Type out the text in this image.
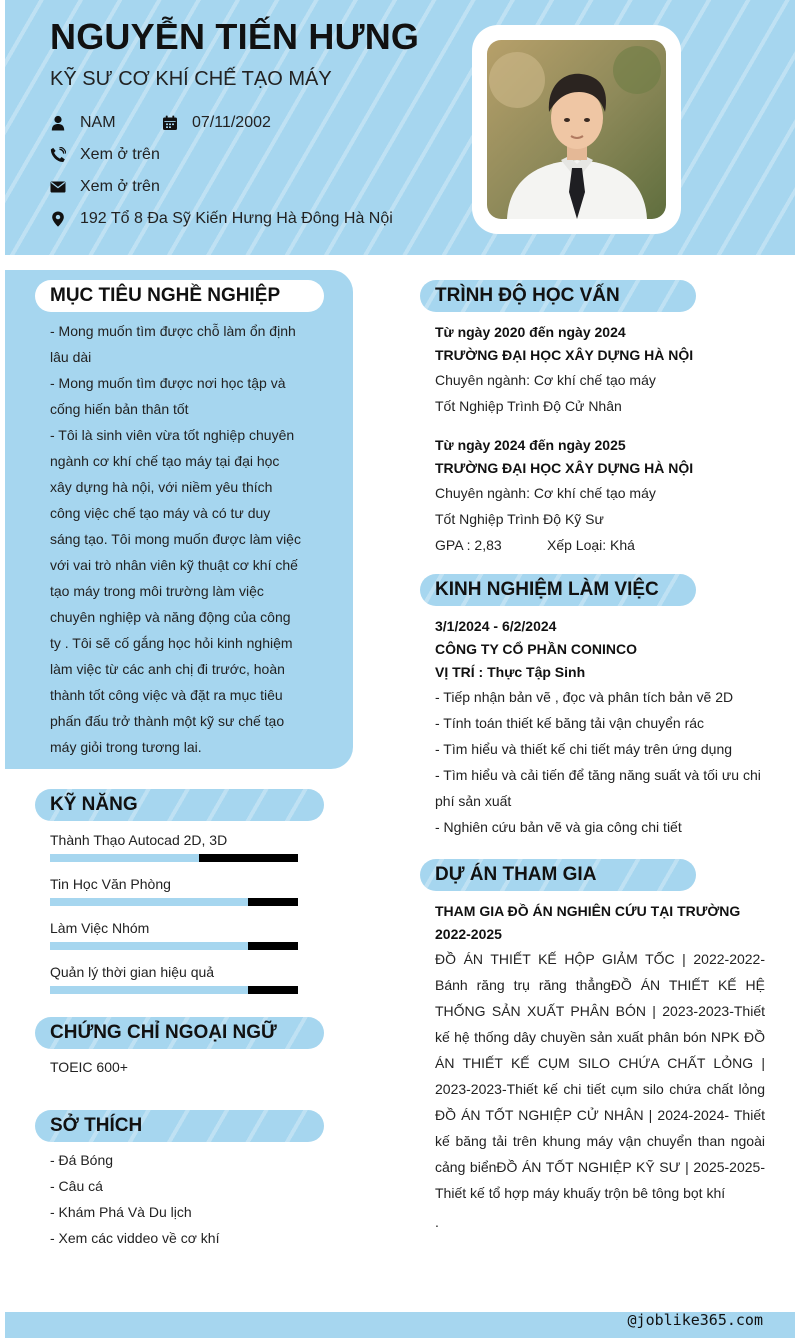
NGUYỄN TIẾN HƯNG
KỸ SƯ CƠ KHÍ CHẾ TẠO MÁY
NAM	07/11/2002
Xem ở trên
Xem ở trên
192 Tổ 8 Đa Sỹ Kiến Hưng Hà Đông Hà Nội
MỤC TIÊU NGHỀ NGHIỆP
- Mong muốn tìm được chỗ làm ổn định lâu dài
- Mong muốn tìm được nơi học tập và cống hiến bản thân tốt
- Tôi là sinh viên vừa tốt nghiệp chuyên ngành cơ khí chế tạo máy tại đại học xây dựng hà nội, với niềm yêu thích công việc chế tạo máy và có tư duy sáng tạo. Tôi mong muốn được làm việc với vai trò nhân viên kỹ thuật cơ khí chế tạo máy trong môi trường làm việc chuyên nghiệp và năng động của công ty . Tôi sẽ cố gắng học hỏi kinh nghiệm làm việc từ các anh chị đi trước, hoàn thành tốt công việc và đặt ra mục tiêu phấn đấu trở thành một kỹ sư chế tạo máy giỏi trong tương lai.
KỸ NĂNG
Thành Thạo Autocad 2D, 3D
Tin Học Văn Phòng
Làm Việc Nhóm
Quản lý thời gian hiệu quả
CHỨNG CHỈ NGOẠI NGỮ
TOEIC 600+
SỞ THÍCH
- Đá Bóng
- Câu cá
- Khám Phá Và Du lịch
- Xem các viddeo về cơ khí
TRÌNH ĐỘ HỌC VẤN
Từ ngày 2020 đến ngày 2024
TRƯỜNG ĐẠI HỌC XÂY DỰNG HÀ NỘI
Chuyên ngành: Cơ khí chế tạo máy
Tốt Nghiệp Trình Độ Cử Nhân
Từ ngày 2024 đến ngày 2025
TRƯỜNG ĐẠI HỌC XÂY DỰNG HÀ NỘI
Chuyên ngành: Cơ khí chế tạo máy
Tốt Nghiệp Trình Độ Kỹ Sư
GPA : 2,83	Xếp Loại: Khá
KINH NGHIỆM LÀM VIỆC
3/1/2024 - 6/2/2024
CÔNG TY CỔ PHẦN CONINCO
VỊ TRÍ : Thực Tập Sinh
- Tiếp nhận bản vẽ , đọc và phân tích bản vẽ 2D
- Tính toán thiết kế băng tải vận chuyển rác
- Tìm hiểu và thiết kế chi tiết máy trên ứng dụng
- Tìm hiểu và cải tiến để tăng năng suất và tối ưu chi phí sản xuất
- Nghiên cứu bản vẽ và gia công chi tiết
DỰ ÁN THAM GIA
THAM GIA ĐỒ ÁN NGHIÊN CỨU TẠI TRƯỜNG
2022-2025
ĐỒ ÁN THIẾT KẾ HỘP GIẢM TỐC | 2022-2022- Bánh răng trụ răng thẳngĐỒ ÁN THIẾT KẾ HỆ THỐNG SẢN XUẤT PHÂN BÓN | 2023-2023-Thiết kế hệ thống dây chuyền sản xuất phân bón NPK ĐỒ ÁN THIẾT KẾ CỤM SILO CHỨA CHẤT LỎNG | 2023-2023-Thiết kế chi tiết cụm silo chứa chất lỏng ĐỒ ÁN TỐT NGHIỆP CỬ NHÂN | 2024-2024- Thiết kế băng tải trên khung máy vận chuyển than ngoài cảng biểnĐỒ ÁN TỐT NGHIỆP KỸ SƯ | 2025-2025- Thiết kế tổ hợp máy khuấy trộn bê tông bọt khí
.
@joblike365.com
